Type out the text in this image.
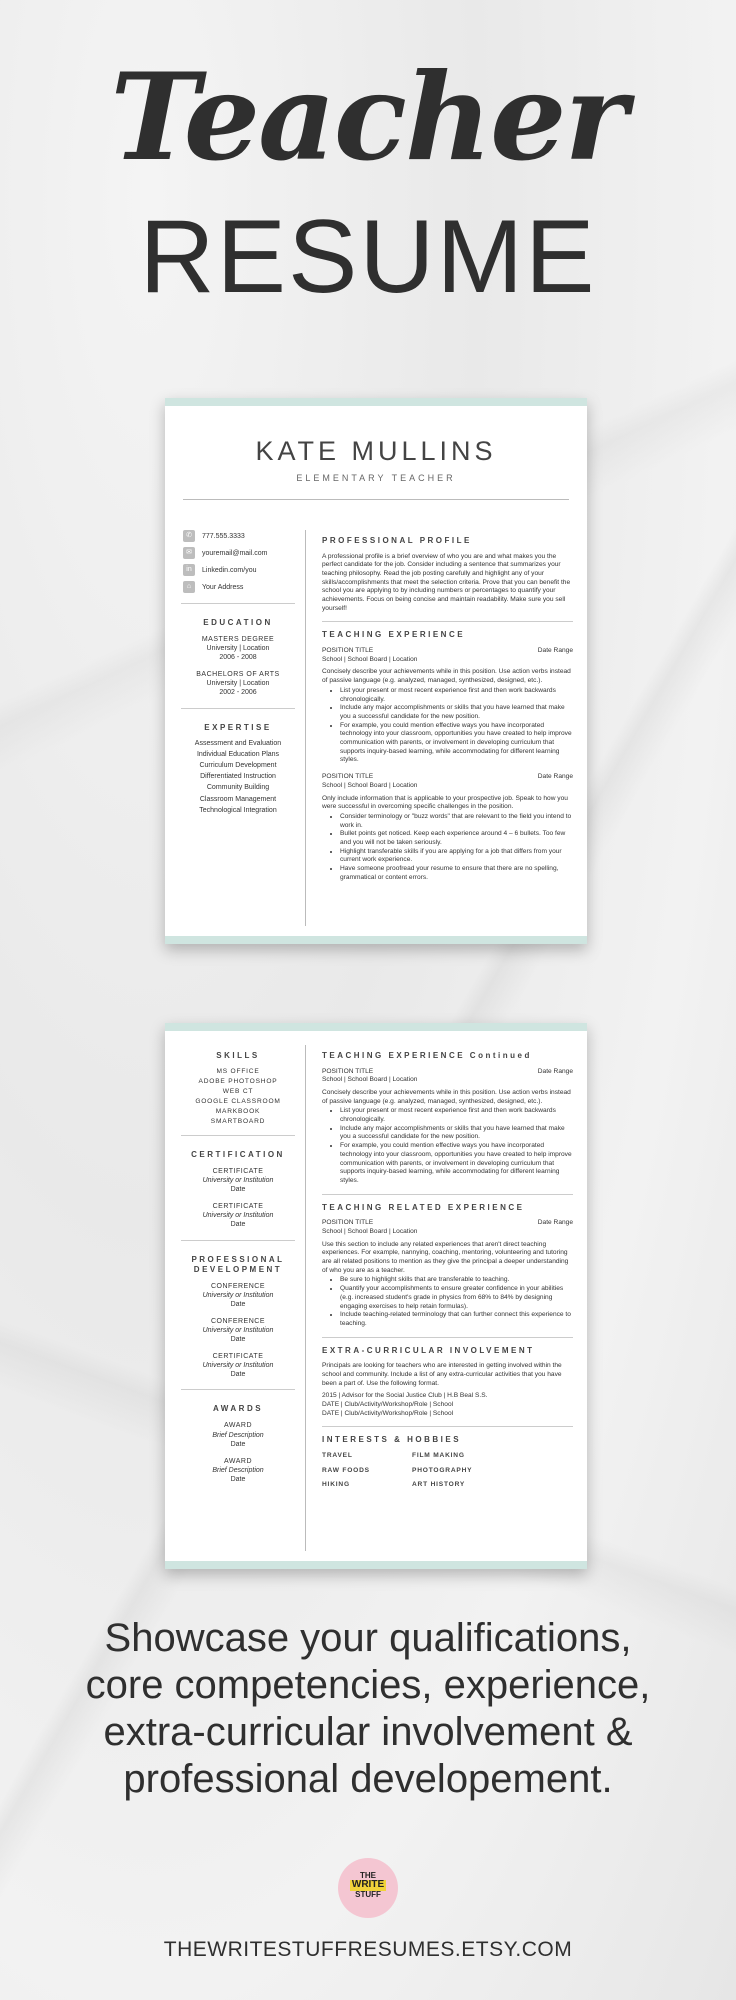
Teacher
RESUME
KATE MULLINS
ELEMENTARY TEACHER
✆	777.555.3333
✉	youremail@mail.com
in	Linkedin.com/you
⌂	Your Address
EDUCATION
MASTERS DEGREE
University | Location
2006 - 2008
BACHELORS OF ARTS
University | Location
2002 - 2006
EXPERTISE
Assessment and Evaluation
Individual Education Plans
Curriculum Development
Differentiated Instruction
Community Building
Classroom Management
Technological Integration
PROFESSIONAL PROFILE
A professional profile is a brief overview of who you are and what makes you the perfect candidate for the job. Consider including a sentence that summarizes your teaching philosophy. Read the job posting carefully and highlight any of your skills/accomplishments that meet the selection criteria. Prove that you can benefit the school you are applying to by including numbers or percentages to quantify your achievements. Focus on being concise and maintain readability. Make sure you sell yourself!
TEACHING EXPERIENCE
POSITION TITLE	Date Range
School | School Board | Location
Concisely describe your achievements while in this position. Use action verbs instead of passive language (e.g. analyzed, managed, synthesized, designed, etc.).
• List your present or most recent experience first and then work backwards chronologically.
• Include any major accomplishments or skills that you have learned that make you a successful candidate for the new position.
• For example, you could mention effective ways you have incorporated technology into your classroom, opportunities you have created to help improve communication with parents, or involvement in developing curriculum that supports inquiry-based learning, while accommodating for different learning styles.
POSITION TITLE	Date Range
School | School Board | Location
Only include information that is applicable to your prospective job. Speak to how you were successful in overcoming specific challenges in the position.
• Consider terminology or "buzz words" that are relevant to the field you intend to work in.
• Bullet points get noticed. Keep each experience around 4 – 6 bullets. Too few and you will not be taken seriously.
• Highlight transferable skills if you are applying for a job that differs from your current work experience.
• Have someone proofread your resume to ensure that there are no spelling, grammatical or content errors.
SKILLS
MS OFFICE
ADOBE PHOTOSHOP
WEB CT
GOOGLE CLASSROOM
MARKBOOK
SMARTBOARD
CERTIFICATION
CERTIFICATE
University or Institution
Date
CERTIFICATE
University or Institution
Date
PROFESSIONAL
DEVELOPMENT
CONFERENCE
University or Institution
Date
CONFERENCE
University or Institution
Date
CERTIFICATE
University or Institution
Date
AWARDS
AWARD
Brief Description
Date
AWARD
Brief Description
Date
TEACHING EXPERIENCE Continued
POSITION TITLE	Date Range
School | School Board | Location
Concisely describe your achievements while in this position. Use action verbs instead of passive language (e.g. analyzed, managed, synthesized, designed, etc.).
• List your present or most recent experience first and then work backwards chronologically.
• Include any major accomplishments or skills that you have learned that make you a successful candidate for the new position.
• For example, you could mention effective ways you have incorporated technology into your classroom, opportunities you have created to help improve communication with parents, or involvement in developing curriculum that supports inquiry-based learning, while accommodating for different learning styles.
TEACHING RELATED EXPERIENCE
POSITION TITLE	Date Range
School | School Board | Location
Use this section to include any related experiences that aren't direct teaching experiences. For example, nannying, coaching, mentoring, volunteering and tutoring are all related positions to mention as they give the principal a deeper understanding of who you are as a teacher.
• Be sure to highlight skills that are transferable to teaching.
• Quantify your accomplishments to ensure greater confidence in your abilities (e.g. increased student's grade in physics from 68% to 84% by designing engaging exercises to help retain formulas).
• Include teaching-related terminology that can further connect this experience to teaching.
EXTRA-CURRICULAR INVOLVEMENT
Principals are looking for teachers who are interested in getting involved within the school and community. Include a list of any extra-curricular activities that you have been a part of. Use the following format.
2015 | Advisor for the Social Justice Club | H.B Beal S.S.
DATE | Club/Activity/Workshop/Role | School
DATE | Club/Activity/Workshop/Role | School
INTERESTS & HOBBIES
TRAVEL	FILM MAKING
RAW FOODS	PHOTOGRAPHY
HIKING	ART HISTORY
Showcase your qualifications,
core competencies, experience,
extra-curricular involvement &
professional developement.
THE
WRITE
STUFF
THEWRITESTUFFRESUMES.ETSY.COM
